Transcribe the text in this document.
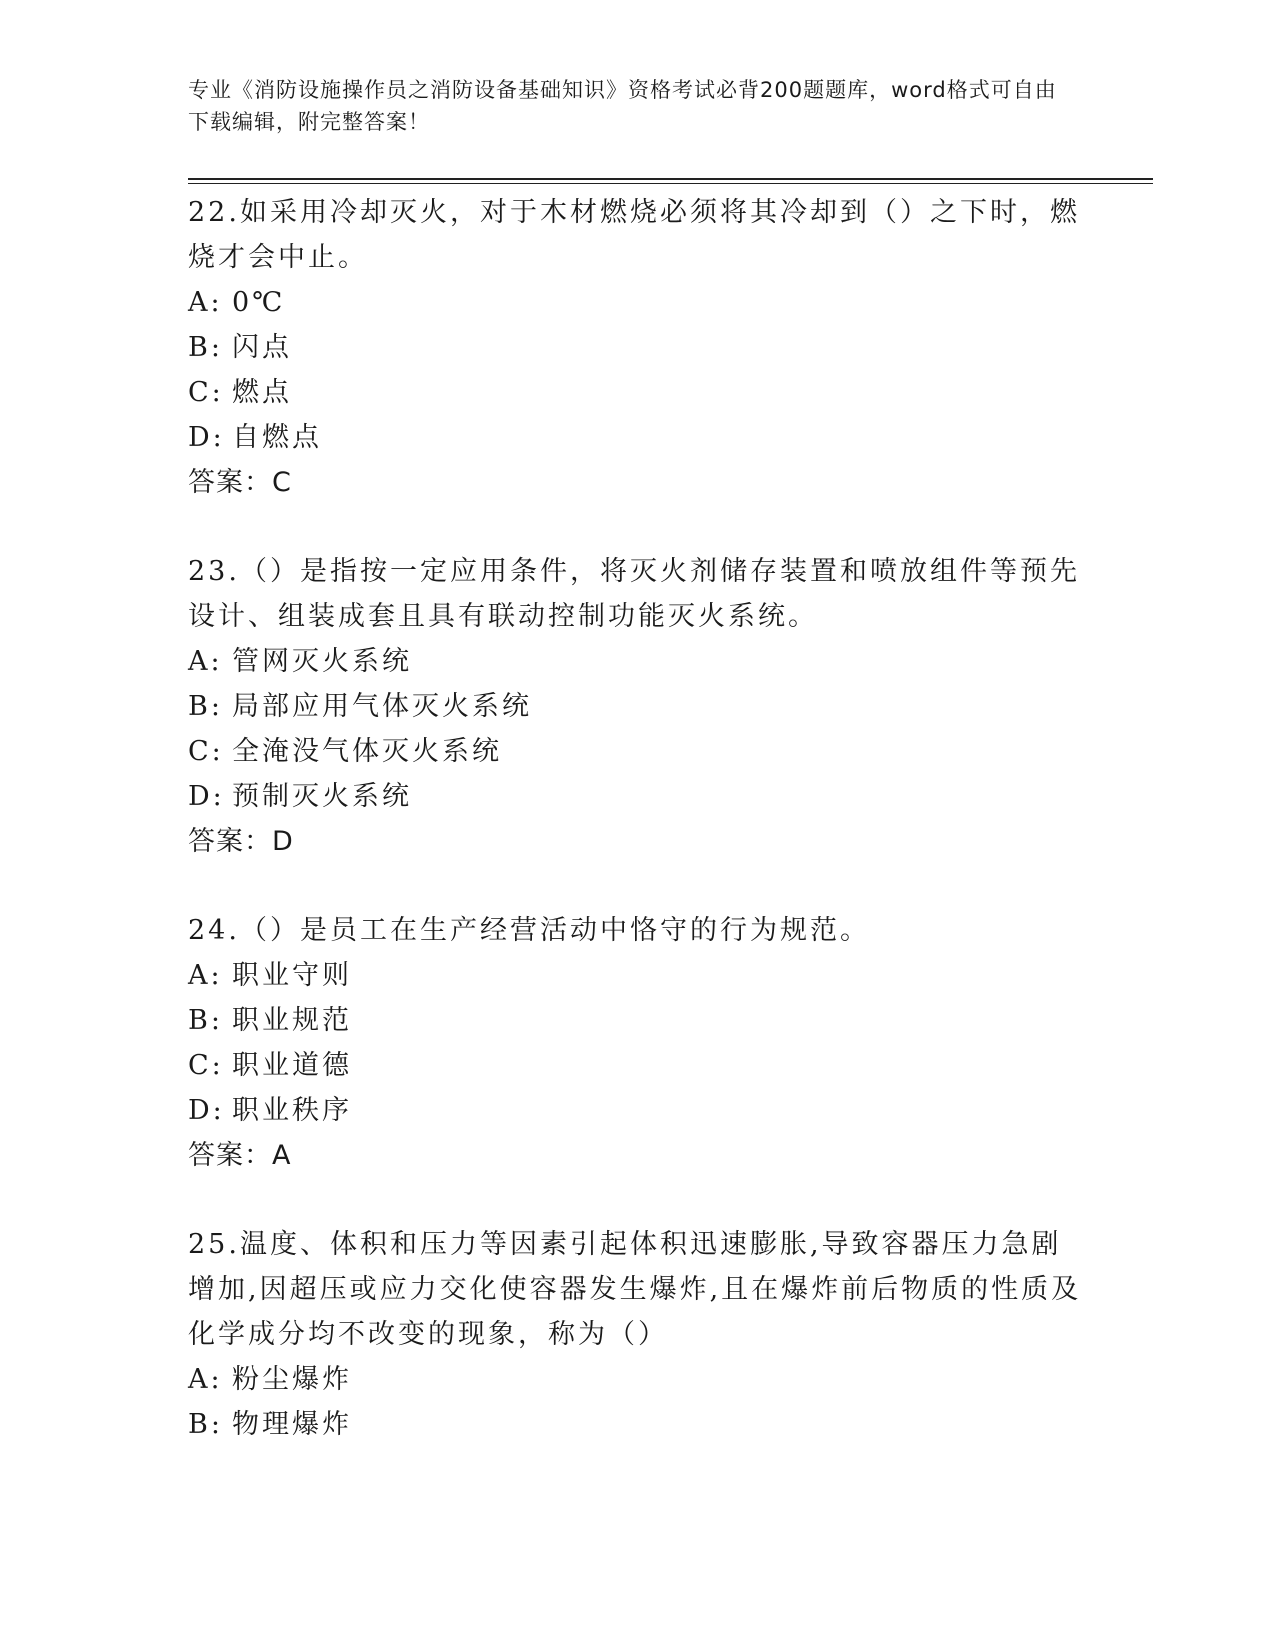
专业《消防设施操作员之消防设备基础知识》资格考试必背200题题库，word格式可自由下载编辑，附完整答案！
22.如采用冷却灭火，对于木材燃烧必须将其冷却到（）之下时，燃烧才会中止。
A: 0℃
B: 闪点
C: 燃点
D: 自燃点
答案：C
23.（）是指按一定应用条件，将灭火剂储存装置和喷放组件等预先设计、组装成套且具有联动控制功能灭火系统。
A: 管网灭火系统
B: 局部应用气体灭火系统
C: 全淹没气体灭火系统
D: 预制灭火系统
答案：D
24.（）是员工在生产经营活动中恪守的行为规范。
A: 职业守则
B: 职业规范
C: 职业道德
D: 职业秩序
答案：A
25.温度、体积和压力等因素引起体积迅速膨胀,导致容器压力急剧增加,因超压或应力交化使容器发生爆炸,且在爆炸前后物质的性质及化学成分均不改变的现象，称为（）
A: 粉尘爆炸
B: 物理爆炸
